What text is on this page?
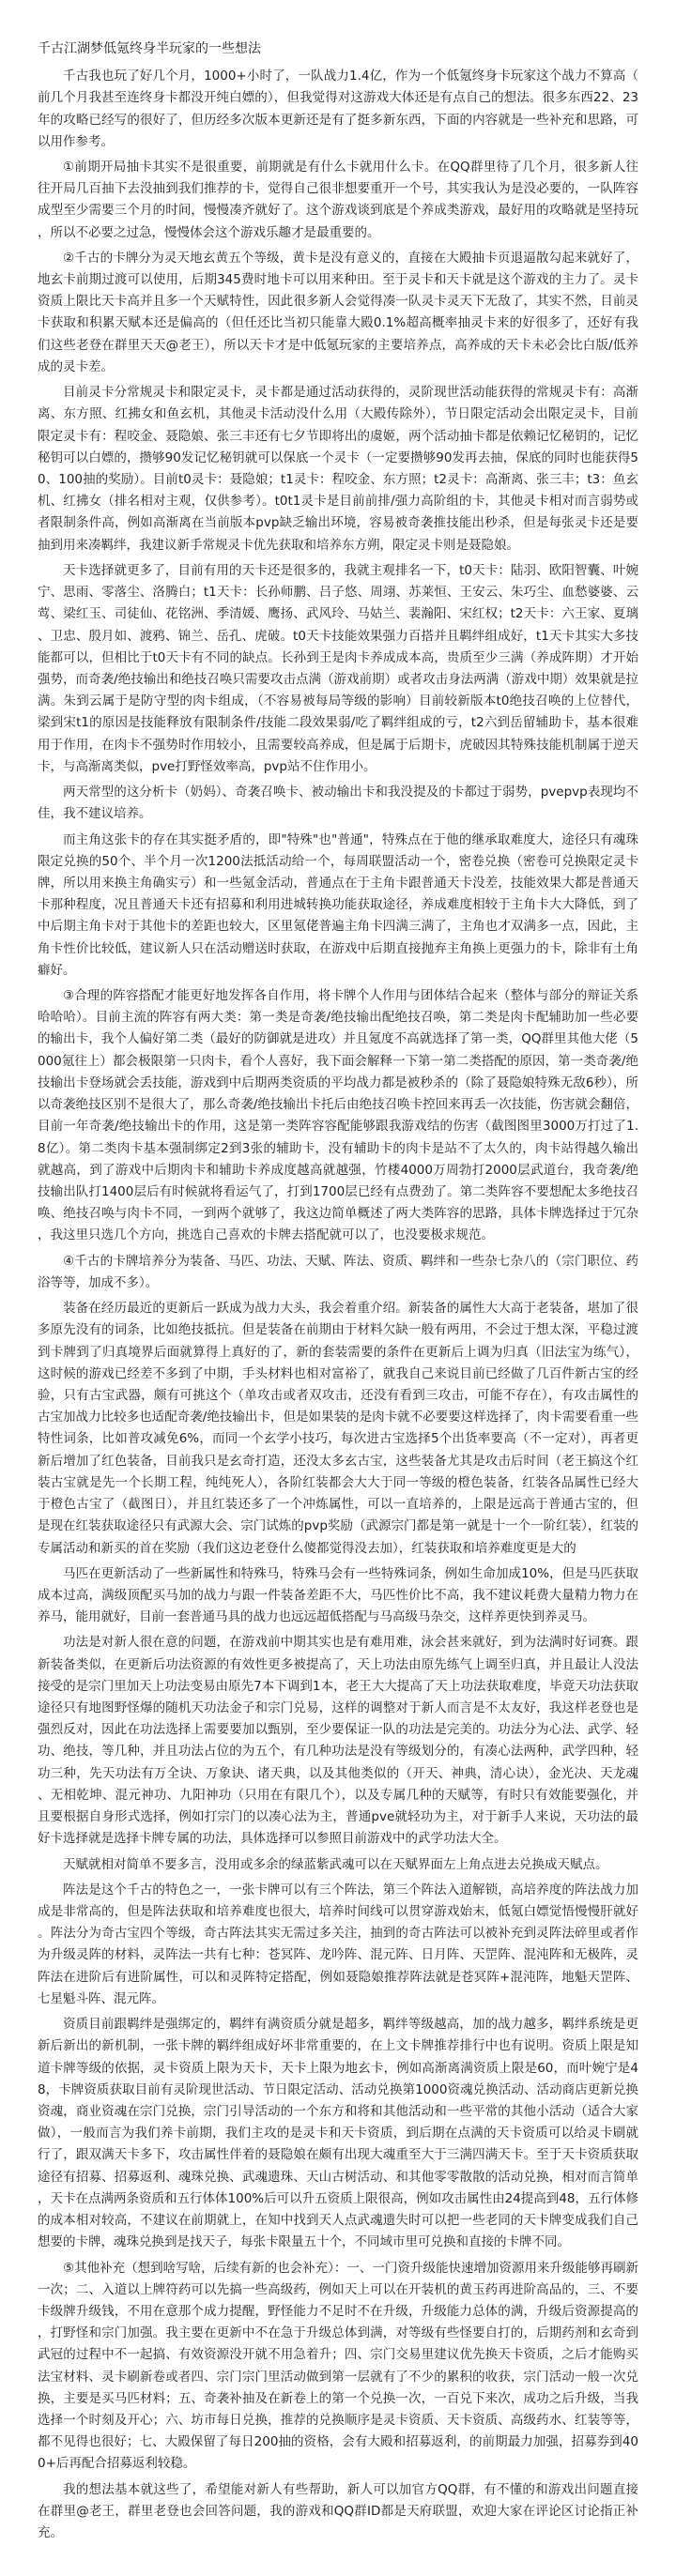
千古江湖梦低氪终身半玩家的一些想法

千古我也玩了好几个月，1000+小时了，一队战力1.4亿，作为一个低氪终身卡玩家这个战力不算高（前几个月我甚至连终身卡都没开纯白嫖的），但我觉得对这游戏大体还是有点自己的想法。很多东西22、23年的攻略已经写的很好了，但历经多次版本更新还是有了挺多新东西，下面的内容就是一些补充和思路，可以用作参考。

①前期开局抽卡其实不是很重要，前期就是有什么卡就用什么卡。在QQ群里待了几个月，很多新人往往开局几百抽下去没抽到我们推荐的卡，觉得自己很非想要重开一个号，其实我认为是没必要的，一队阵容成型至少需要三个月的时间，慢慢凑齐就好了。这个游戏谈到底是个养成类游戏，最好用的攻略就是坚持玩，所以不必要之过急，慢慢体会这个游戏乐趣才是最重要的。

②千古的卡牌分为灵天地玄黄五个等级，黄卡是没有意义的，直接在大殿抽卡页退逼散勾起来就好了，地玄卡前期过渡可以使用，后期345费时地卡可以用来种田。至于灵卡和天卡就是这个游戏的主力了。灵卡资质上限比天卡高并且多一个天赋特性，因此很多新人会觉得凑一队灵卡灵天下无敌了，其实不然，目前灵卡获取和积累天赋本还是偏高的（但任还比当初只能靠大殿0.1%超高概率抽灵卡来的好很多了，还好有我们这些老登在群里天天@老王），所以天卡才是中低氪玩家的主要培养点，高养成的天卡未必会比白版/低养成的灵卡差。

目前灵卡分常规灵卡和限定灵卡，灵卡都是通过活动获得的，灵阶现世活动能获得的常规灵卡有：高渐离、东方照、红拂女和鱼玄机，其他灵卡活动没什么用（大殿传除外），节日限定活动会出限定灵卡，目前限定灵卡有：程咬金、聂隐娘、张三丰还有七夕节即将出的虞姬，两个活动抽卡都是依赖记忆秘钥的，记忆秘钥可以白嫖的，攒够90发记忆秘钥就可以保底一个灵卡（一定要攒够90发再去抽，保底的同时也能获得50、100抽的奖励）。目前t0灵卡：聂隐娘；t1灵卡：程咬金、东方照；t2灵卡：高渐离、张三丰；t3：鱼玄机、红拂女（排名相对主观，仅供参考）。t0t1灵卡是目前前排/强力高阶组的卡，其他灵卡相对而言弱势或者限制条件高，例如高渐离在当前版本pvp缺乏输出环境，容易被奇袭推技能出秒杀，但是每张灵卡还是要抽到用来凑羁绊，我建议新手常规灵卡优先获取和培养东方朔，限定灵卡则是聂隐娘。

天卡选择就更多了，目前有用的天卡还是很多的，我就主观排名一下，t0天卡：陆羽、欧阳智囊、叶婉宁、思雨、零落尘、洛腾白；t1天卡：长孙师鹏、吕子悠、周翊、苏莱恒、王安云、朱巧尘、血愁婆婆、云莺、梁红玉、司徒仙、花铭洲、季清媛、鹰扬、武风玲、马姑兰、裴瀚阳、宋红权；t2天卡：六王家、夏璃、卫忠、殷月如、渡鸦、锦兰、岳孔、虎破。t0天卡技能效果强力百搭并且羁绊组成好，t1天卡其实大多技能都可以，但相比于t0天卡有不同的缺点。长孙到王是肉卡养成成本高，贵质至少三满（养成阵期）才开始强势，而奇袭/绝技输出和绝技召唤只需要攻击点满（游戏前期）或者攻击身法两满（游戏中期）效果就是拉满。朱到云属于是防守型的肉卡组成，（不容易被每局等级的影响）目前较新版本t0绝技召唤的上位替代，梁到宋t1的原因是技能释放有限制条件/技能二段效果弱/吃了羁绊组成的亏，t2六到岳留辅助卡，基本很难用于作用，在肉卡不强势时作用较小，且需要较高养成，但是属于后期卡，虎破因其特殊技能机制属于逆天卡，与高渐离类似，pve打野怪效率高，pvp站不住作用小。

两天常型的这分析卡（奶妈）、奇袭召唤卡、被动输出卡和我没提及的卡都过于弱势，pvepvp表现均不佳，我不建议培养。

而主角这张卡的存在其实挺矛盾的，即"特殊"也"普通"，特殊点在于他的继承取难度大，途径只有魂珠限定兑换的50个、半个月一次1200法抵活动给一个，每周联盟活动一个，密卷兑换（密卷可兑换限定灵卡牌，所以用来换主角确实亏）和一些氪金活动，普通点在于主角卡跟普通天卡没差，技能效果大都是普通天卡那种程度，况且普通天卡还有招募和利用进城转换功能获取途径，养成难度相较于主角卡大大降低，到了中后期主角卡对于其他卡的差距也较大，区里氪佬普遍主角卡四满三满了，主角也才双满多一点，因此，主角卡性价比较低，建议新人只在活动赠送时获取，在游戏中后期直接抛弃主角换上更强力的卡，除非有土角癖好。

③合理的阵容搭配才能更好地发挥各自作用，将卡牌个人作用与团体结合起来（整体与部分的辩证关系哈哈哈）。目前主流的阵容有两大类：第一类是奇袭/绝技输出配绝技召唤，第二类是肉卡配辅助加一些必要的输出卡，我个人偏好第二类（最好的防御就是进攻）并且氪度不高就选择了第一类，QQ群里其他大佬（5000氪往上）都会极限第一只肉卡，看个人喜好，我下面会解释一下第一第二类搭配的原因，第一类奇袭/绝技输出卡登场就会丢技能，游戏到中后期两类资质的平均战力都是被秒杀的（除了聂隐娘特殊无敌6秒），所以奇袭绝技区别不是很大了，那么奇袭/绝技输出卡托后由绝技召唤卡控回来再丢一次技能，伤害就会翻倍，目前一年奇袭/绝技输出卡的作用，这是第一类阵容容配能够跟我游戏结的伤害（截图图里3000万打过了1.8亿）。第二类肉卡基本强制绑定2到3张的辅助卡，没有辅助卡的肉卡是站不了太久的，肉卡站得越久输出就越高，到了游戏中后期肉卡和辅助卡养成度越高就越强，竹楼4000万周勃打2000层武道台，我奇袭/绝技输出队打1400层后有时候就将看运气了，打到1700层已经有点费劲了。第二类阵容不要想配太多绝技召唤、绝技召唤与肉卡不同，一到两个就够了，我这边简单概述了两大类阵容的思路，具体卡牌选择过于冗杂，我这里只选几个方向，挑选自己喜欢的卡牌去搭配就可以了，也没要极求规范。

④千古的卡牌培养分为装备、马匹、功法、天赋、阵法、资质、羁绊和一些杂七杂八的（宗门职位、药浴等等，加成不多）。

装备在经历最近的更新后一跃成为战力大头，我会着重介绍。新装备的属性大大高于老装备，堪加了很多原先没有的词条，比如绝技抵抗。但是装备在前期由于材料欠缺一般有两用，不会过于想太深，平稳过渡到卡牌到了归真境界后面就算得上真好的了，新的套装需要的条件在更新后上调为归真（旧法宝为练气），这时候的游戏已经差不多到了中期，手头材料也相对富裕了，就我自己来说目前已经做了几百件新古宝的经验，只有古宝武器，颇有可挑这个（单攻击或者双攻击，还没有看到三攻击，可能不存在），有攻击属性的古宝加战力比较多也适配奇袭/绝技输出卡，但是如果装的是肉卡就不必要要这样选择了，肉卡需要看重一些特性词条，比如普攻减免6%，而同一个玄学小技巧，每次进古宝选择5个出货率要高（不一定对），再者更新后增加了红色装备，目前我只是玄奇打造，还没太多玄古宝，这些装备尤其是攻击后时间（老王搞这个红装古宝就是先一个长期工程，纯纯死人），各阶红装都会大大于同一等级的橙色装备，红装各品属性已经大于橙色古宝了（截图日），并且红装还多了一个冲炼属性，可以一直培养的，上限是远高于普通古宝的，但是现在红装获取途径只有武源大会、宗门试炼的pvp奖励（武源宗门都是第一就是十一个一阶红装），红装的专属活动和新买的首在奖励（我们这边老登什么傻都觉得没去加），红装获取和培养难度更是大的

马匹在更新活动了一些新属性和特殊马，特殊马会有一些特殊词条，例如生命加成10%，但是马匹获取成本过高，满级顶配买马加的战力与跟一件装备差距不大，马匹性价比不高，我不建议耗费大量精力物力在养马，能用就好，目前一套普通马具的战力也远远超低搭配与马高级马杂交，这样养更快到养灵马。

功法是对新人很在意的问题，在游戏前中期其实也是有难用难，泳会甚来就好，到为法满时好词赛。跟新装备类似，在更新后功法资源的有效性更多被提高了，天上功法由原先练气上调至归真，并且最让人没法接受的是宗门里加天上功法变易由原先7本下调到1本，老王大大提高了天上功法获取难度，毕竟天功法获取途径只有地图野怪爆的随机天功法金子和宗门兑易，这样的调整对于新人而言是不太友好，我这样老登也是强烈反对，因此在功法选择上需要要加以甄别，至少要保证一队的功法是完美的。功法分为心法、武学、轻功、绝技，等几种，并且功法占位的为五个，有几种功法是没有等级划分的，有凑心法两种，武学四种，轻功三种，先天功法有万全诀、万象诀、诸天典，以及其他类似的（开天、神典，清心诀），金光决、天龙魂、无相乾坤、混元神功、九阳神功（只用在有限几个），以及专属几种的天赋等，有时只有效能要强化，并且要根据自身形式选择，例如打宗门的以凑心法为主，普通pve就轻功为主，对于新手人来说，天功法的最好卡选择就是选择卡牌专属的功法，具体选择可以参照目前游戏中的武学功法大全。

天赋就相对简单不要多言，没用或多余的绿蓝紫武魂可以在天赋界面左上角点进去兑换成天赋点。

阵法是这个千古的特色之一，一张卡牌可以有三个阵法，第三个阵法入道解锁，高培养度的阵法战力加成是非常高的，但是阵法获取和培养难度也很大，培养时间线可以贯穿游戏始末，低氪白嫖觉悟慢慢肝就好。阵法分为奇古宝四个等级，奇古阵法其实无需过多关注，抽到的奇古阵法可以被补充到灵阵法碎里或者作为升级灵阵的材料，灵阵法一共有七种：苍冥阵、龙吟阵、混元阵、日月阵、天罡阵、混沌阵和无极阵，灵阵法在进阶后有进阶属性，可以和灵阵特定搭配，例如聂隐娘推荐阵法就是苍冥阵+混沌阵，地魁天罡阵、七星魁斗阵、混元阵。

资质目前跟羁绊是强绑定的，羁绊有满资质分就是超多，羁绊等级越高，加的战力越多，羁绊系统是更新后新出的新机制，一张卡牌的羁绊组成好坏非常重要的，在上文卡牌推荐排行中也有说明。资质上限是知道卡牌等级的依据，灵卡资质上限为天卡，天卡上限为地玄卡，例如高渐离满资质上限是60，而叶婉宁是48，卡牌资质获取目前有灵阶现世活动、节日限定活动、活动兑换第1000资魂兑换活动、活动商店更新兑换资魂，商业资魂在宗门兑换，宗门引导活动的一个东方和将和其他活动和一些平常的其他小活动（适合大家做），一般而言为我们养卡前期，我们主攻的是灵卡和天卡资质，到后期在点满的天卡资质可以给灵卡刷就行了，跟双满天卡多下，攻击属性伴着的聂隐娘在颇有出现大魂重至大于三满四满天卡。至于天卡资质获取途径有招募、招募返利、魂珠兑换、武魂遗珠、天山古树活动、和其他零零散散的活动兑换，相对而言简单，天卡在点满两条资质和五行体体100%后可以升五资质上限很高，例如攻击属性由24提高到48，五行体修的成本相对较高，不建议在前期就上，在知中找到天人点武魂遗失时可以把一些老同的天卡牌变成我们自己想要的卡牌，魂珠兑换到是找天子，每张卡限量五十个，不同域市里可兑换和直接的卡牌不同。

⑤其他补充（想到啥写啥，后续有新的也会补充）：一、一门资升级能快速增加资源用来升级能够再刷新一次；二、入道以上牌符药可以先搞一些高级药，例如天上可以在开装机的黄玉药再进阶高品的，三、不要卡级牌升级钱，不用在意那个成力提醒，野怪能力不足时不在升级，升级能力总体的满，升级后资源提高的，打野怪和宗门加强。我主要在更新中不在急于升级总体到满，对等级有些怪要自打的，后期药剂和玄奇到武冠的过程中不一起搞、有效资源没开就不用急着升；四、宗门交易里建议优先换天卡资质，之后才能购买法宝材料、灵卡刷新卷或者四、宗门宗门里活动做到第一层就有了不少的累积的收获，宗门活动一般一次兑换，主要是买马匹材料；五、奇袭补抽及在新卷上的第一个兑换一次，一百兑下来次，成功之后升级，当我选择一个时刻及开心；六、坊市每日兑换，推荐的兑换顺序是灵卡资质、天卡资质、高级药水、红装等等，都不见得也很好；七、大殿保留了每日200抽的资格，会有大殿和招募返利，的前期最力加强，招募券到400+后再配合招募返利较稳。

我的想法基本就这些了，希望能对新人有些帮助，新人可以加官方QQ群，有不懂的和游戏出问题直接在群里@老王，群里老登也会回答问题，我的游戏和QQ群ID都是天府联盟，欢迎大家在评论区讨论指正补充。
